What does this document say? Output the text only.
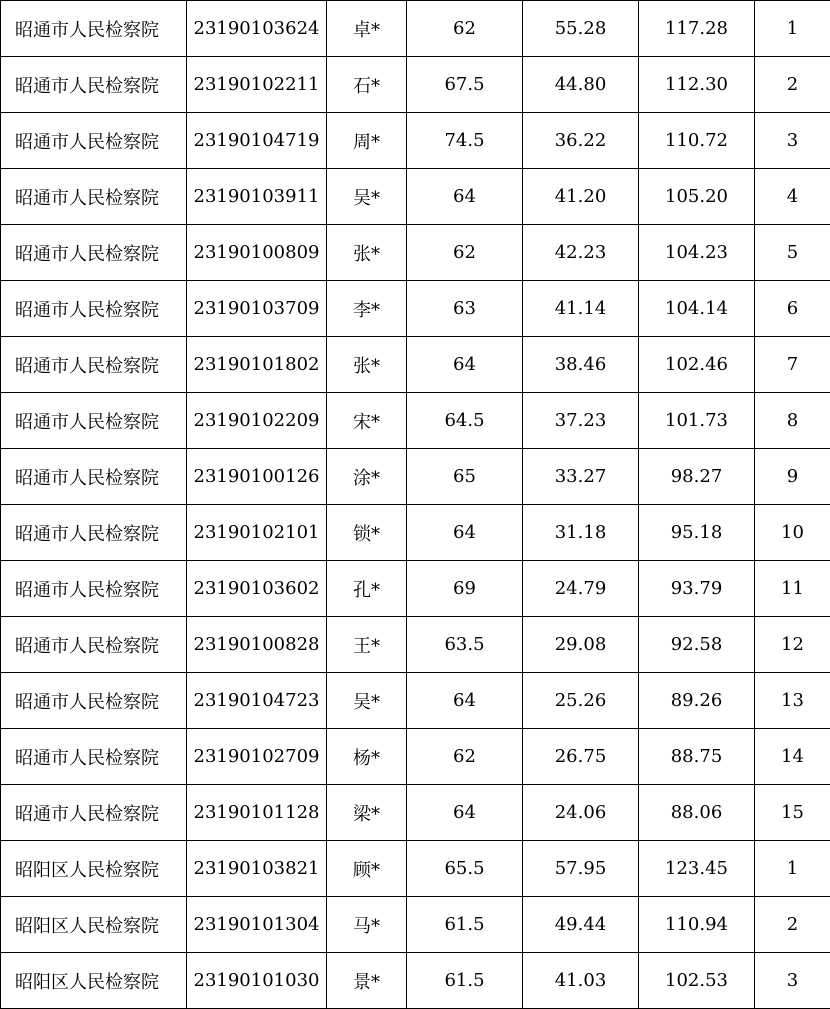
昭通市人民检察院	23190103624	卓*	62	55.28	117.28	1
昭通市人民检察院	23190102211	石*	67.5	44.80	112.30	2
昭通市人民检察院	23190104719	周*	74.5	36.22	110.72	3
昭通市人民检察院	23190103911	吴*	64	41.20	105.20	4
昭通市人民检察院	23190100809	张*	62	42.23	104.23	5
昭通市人民检察院	23190103709	李*	63	41.14	104.14	6
昭通市人民检察院	23190101802	张*	64	38.46	102.46	7
昭通市人民检察院	23190102209	宋*	64.5	37.23	101.73	8
昭通市人民检察院	23190100126	涂*	65	33.27	98.27	9
昭通市人民检察院	23190102101	锁*	64	31.18	95.18	10
昭通市人民检察院	23190103602	孔*	69	24.79	93.79	11
昭通市人民检察院	23190100828	王*	63.5	29.08	92.58	12
昭通市人民检察院	23190104723	吴*	64	25.26	89.26	13
昭通市人民检察院	23190102709	杨*	62	26.75	88.75	14
昭通市人民检察院	23190101128	梁*	64	24.06	88.06	15
昭阳区人民检察院	23190103821	顾*	65.5	57.95	123.45	1
昭阳区人民检察院	23190101304	马*	61.5	49.44	110.94	2
昭阳区人民检察院	23190101030	景*	61.5	41.03	102.53	3
